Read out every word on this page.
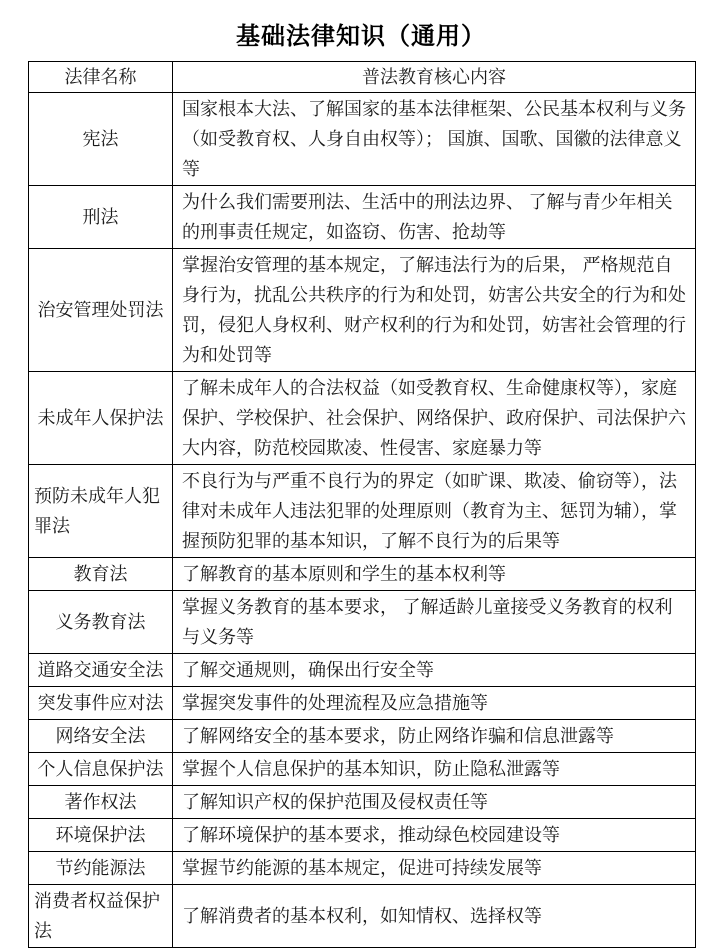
基础法律知识（通用）
法律名称	普法教育核心内容
宪法	国家根本大法、了解国家的基本法律框架、公民基本权利与义务（如受教育权、人身自由权等）； 国旗、国歌、国徽的法律意义等
刑法	为什么我们需要刑法、生活中的刑法边界、 了解与青少年相关的刑事责任规定，如盗窃、伤害、抢劫等
治安管理处罚法	掌握治安管理的基本规定，了解违法行为的后果， 严格规范自身行为，扰乱公共秩序的行为和处罚，妨害公共安全的行为和处罚，侵犯人身权利、财产权利的行为和处罚，妨害社会管理的行为和处罚等
未成年人保护法	了解未成年人的合法权益（如受教育权、生命健康权等），家庭保护、学校保护、社会保护、网络保护、政府保护、司法保护六大内容，防范校园欺凌、性侵害、家庭暴力等
预防未成年人犯罪法	不良行为与严重不良行为的界定（如旷课、欺凌、偷窃等），法律对未成年人违法犯罪的处理原则（教育为主、惩罚为辅），掌握预防犯罪的基本知识，了解不良行为的后果等
教育法	了解教育的基本原则和学生的基本权利等
义务教育法	掌握义务教育的基本要求， 了解适龄儿童接受义务教育的权利与义务等
道路交通安全法	了解交通规则，确保出行安全等
突发事件应对法	掌握突发事件的处理流程及应急措施等
网络安全法	了解网络安全的基本要求，防止网络诈骗和信息泄露等
个人信息保护法	掌握个人信息保护的基本知识，防止隐私泄露等
著作权法	了解知识产权的保护范围及侵权责任等
环境保护法	了解环境保护的基本要求，推动绿色校园建设等
节约能源法	掌握节约能源的基本规定，促进可持续发展等
消费者权益保护法	了解消费者的基本权利，如知情权、选择权等
